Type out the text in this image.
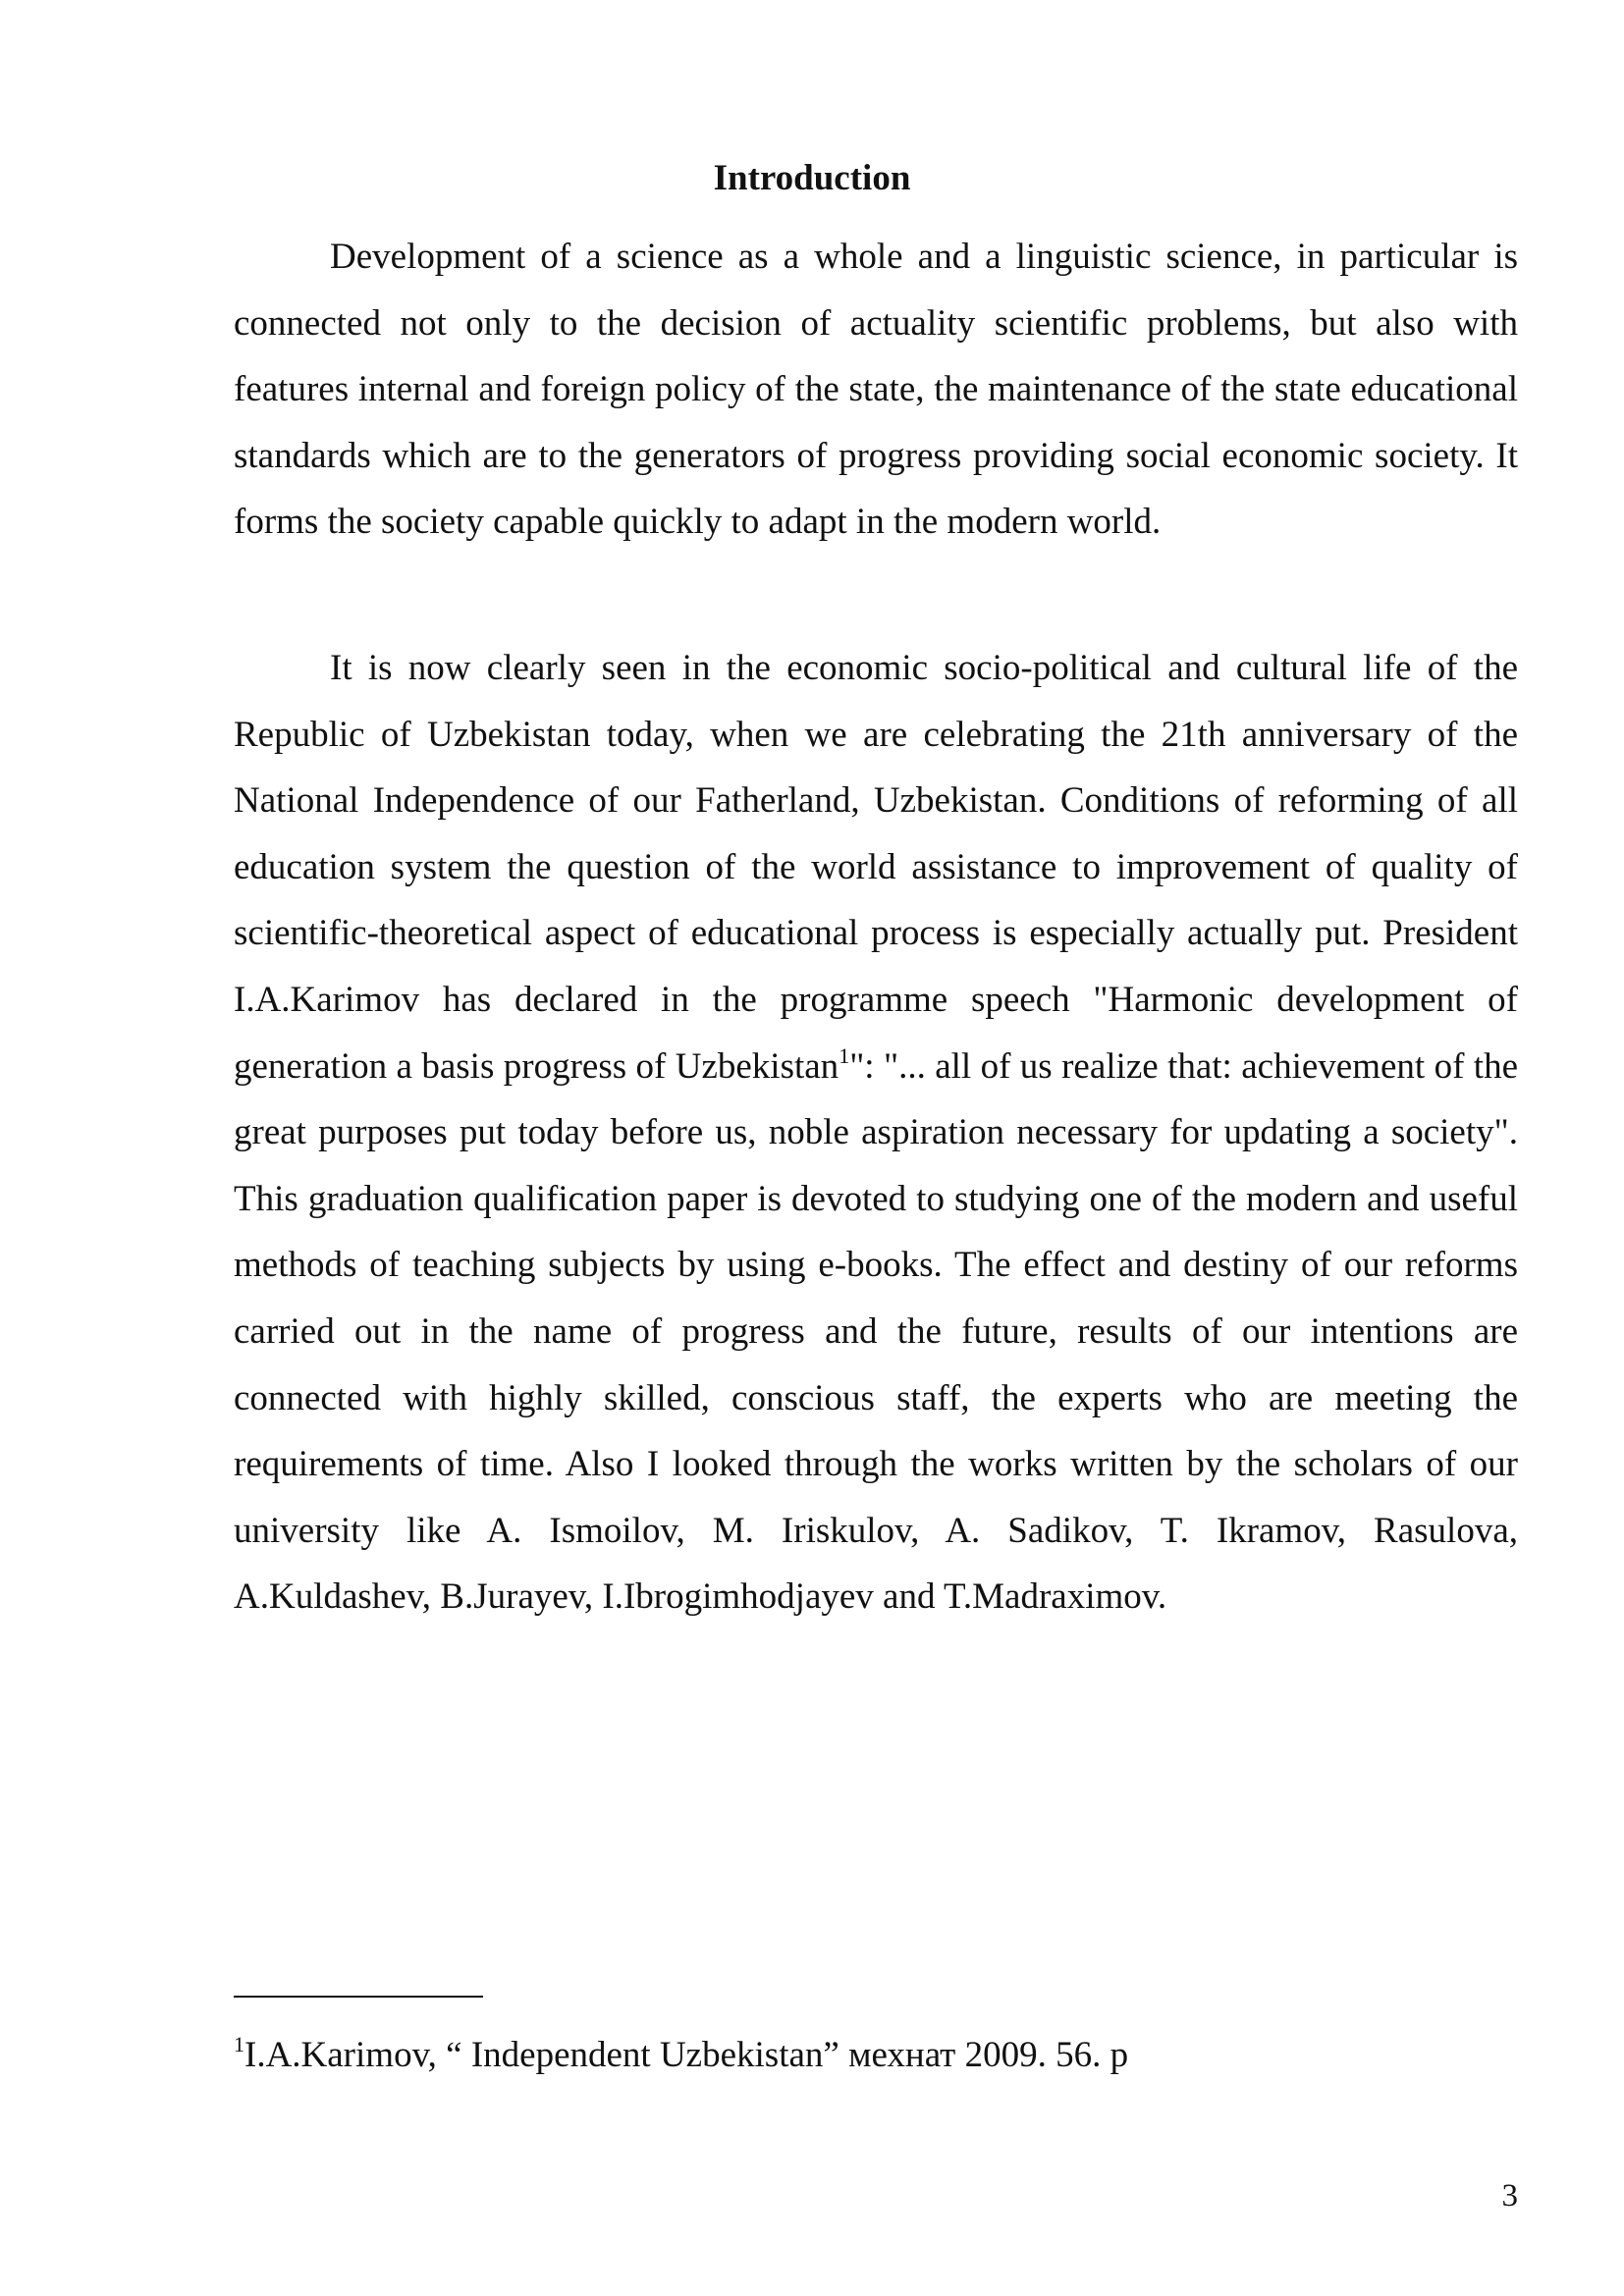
Introduction

Development of a science as a whole and a linguistic science, in particular is connected not only to the decision of actuality scientific problems, but also with features internal and foreign policy of the state, the maintenance of the state educational standards which are to the generators of progress providing social economic society. It forms the society capable quickly to adapt in the modern world.

It is now clearly seen in the economic socio-political and cultural life of the Republic of Uzbekistan today, when we are celebrating the 21th anniversary of the National Independence of our Fatherland, Uzbekistan. Conditions of reforming of all education system the question of the world assistance to improvement of quality of scientific-theoretical aspect of educational process is especially actually put. President I.A.Karimov has declared in the programme speech "Harmonic development of generation a basis progress of Uzbekistan$^1$": "... all of us realize that: achievement of the great purposes put today before us, noble aspiration necessary for updating a society". This graduation qualification paper is devoted to studying one of the modern and useful methods of teaching subjects by using e-books. The effect and destiny of our reforms carried out in the name of progress and the future, results of our intentions are connected with highly skilled, conscious staff, the experts who are meeting the requirements of time. Also I looked through the works written by the scholars of our university like A. Ismoilov, M. Iriskulov, A. Sadikov, T. Ikramov, Rasulova, A.Kuldashev, B.Jurayev, I.Ibrogimhodjayev and T.Madraximov.

$^1$I.A.Karimov, “ Independent Uzbekistan” мехнат 2009. 56. p

3
